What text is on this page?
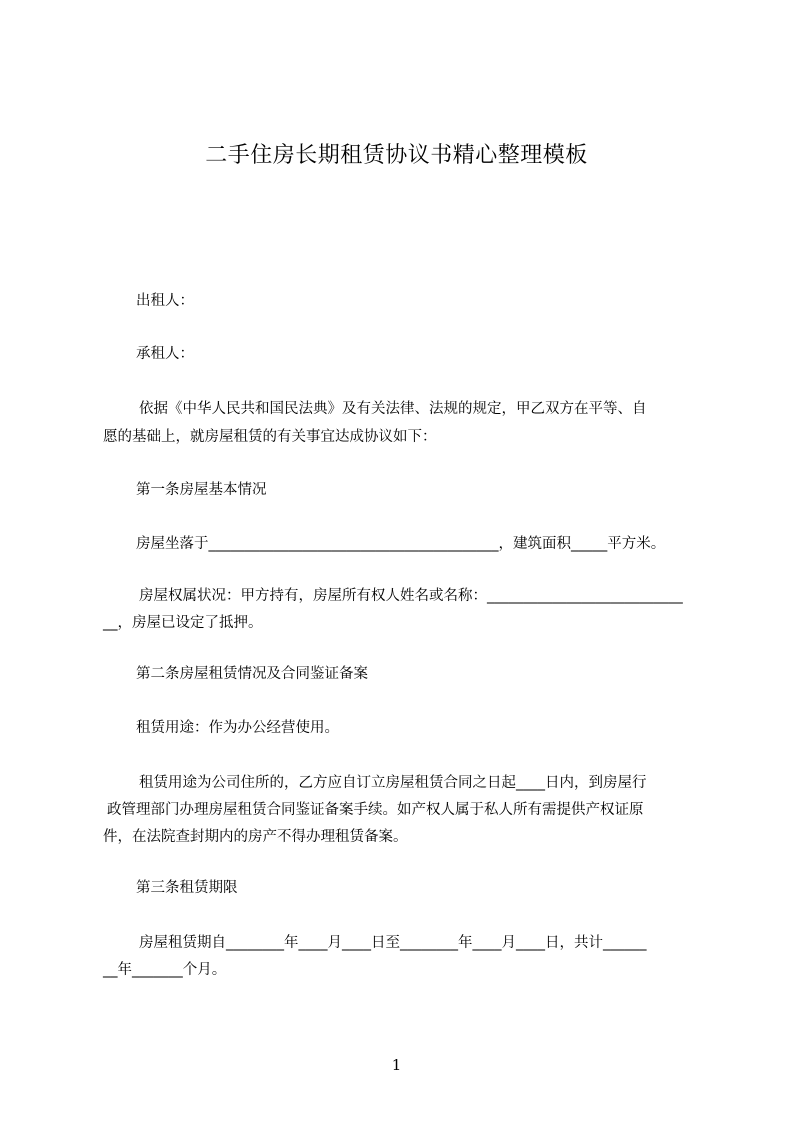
二手住房长期租赁协议书精心整理模板
出租人：
承租人：
依据《中华人民共和国民法典》及有关法律、法规的规定，甲乙双方在平等、自
愿的基础上，就房屋租赁的有关事宜达成协议如下：
第一条房屋基本情况
房屋坐落于________________________________________，建筑面积_____平方米。
房屋权属状况：甲方持有，房屋所有权人姓名或名称：___________________________
__，房屋已设定了抵押。
第二条房屋租赁情况及合同鉴证备案
租赁用途：作为办公经营使用。
租赁用途为公司住所的，乙方应自订立房屋租赁合同之日起____日内，到房屋行
政管理部门办理房屋租赁合同鉴证备案手续。如产权人属于私人所有需提供产权证原
件，在法院查封期内的房产不得办理租赁备案。
第三条租赁期限
房屋租赁期自________年____月____日至________年____月____日，共计______
__年_______个月。
1
